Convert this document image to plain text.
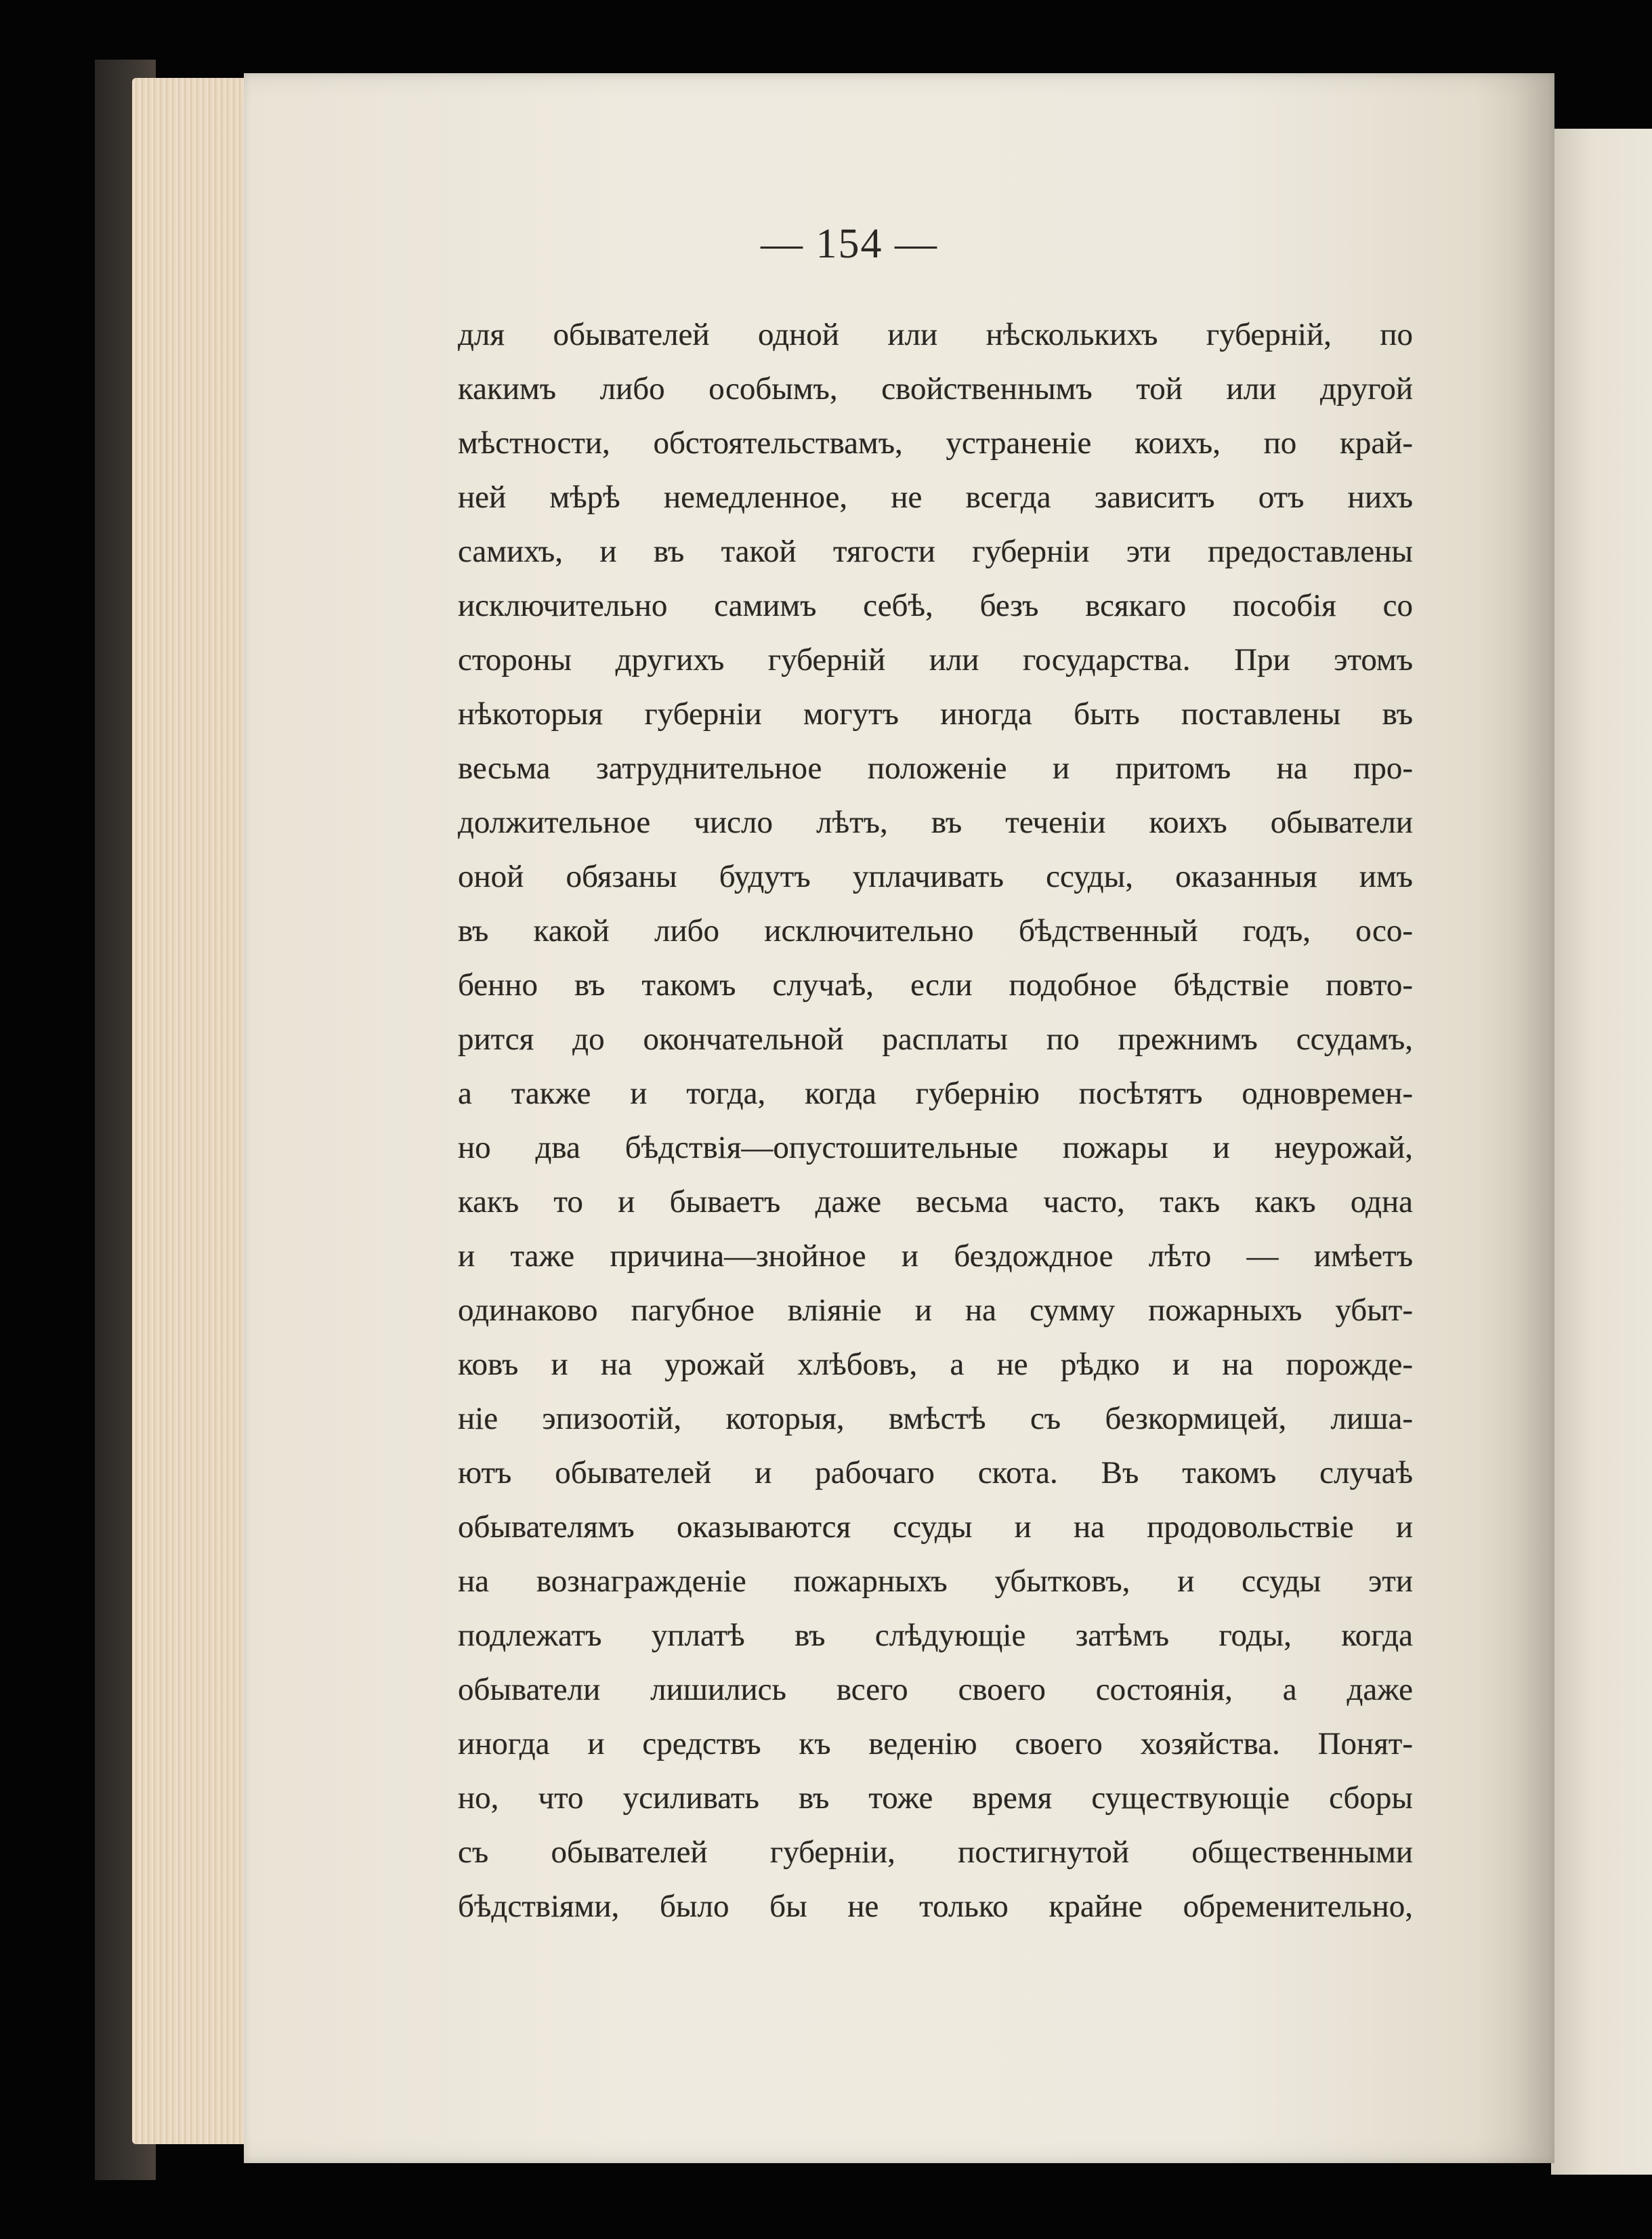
— 154 —
для обывателей одной или нѣсколькихъ губерній, по
какимъ либо особымъ, свойственнымъ той или другой
мѣстности, обстоятельствамъ, устраненіе коихъ, по край-
ней мѣрѣ немедленное, не всегда зависитъ отъ нихъ
самихъ, и въ такой тягости губерніи эти предоставлены
исключительно самимъ себѣ, безъ всякаго пособія со
стороны другихъ губерній или государства. При этомъ
нѣкоторыя губерніи могутъ иногда быть поставлены въ
весьма затруднительное положеніе и притомъ на про-
должительное число лѣтъ, въ теченіи коихъ обыватели
оной обязаны будутъ уплачивать ссуды, оказанныя имъ
въ какой либо исключительно бѣдственный годъ, осо-
бенно въ такомъ случаѣ, если подобное бѣдствіе повто-
рится до окончательной расплаты по прежнимъ ссудамъ,
а также и тогда, когда губернію посѣтятъ одновремен-
но два бѣдствія—опустошительные пожары и неурожай,
какъ то и бываетъ даже весьма часто, такъ какъ одна
и таже причина—знойное и бездождное лѣто — имѣетъ
одинаково пагубное вліяніе и на сумму пожарныхъ убыт-
ковъ и на урожай хлѣбовъ, а не рѣдко и на порожде-
ніе эпизоотій, которыя, вмѣстѣ съ безкормицей, лиша-
ютъ обывателей и рабочаго скота. Въ такомъ случаѣ
обывателямъ оказываются ссуды и на продовольствіе и
на вознагражденіе пожарныхъ убытковъ, и ссуды эти
подлежатъ уплатѣ въ слѣдующіе затѣмъ годы, когда
обыватели лишились всего своего состоянія, а даже
иногда и средствъ къ веденію своего хозяйства. Понят-
но, что усиливать въ тоже время существующіе сборы
съ обывателей губерніи, постигнутой общественными
бѣдствіями, было бы не только крайне обременительно,
